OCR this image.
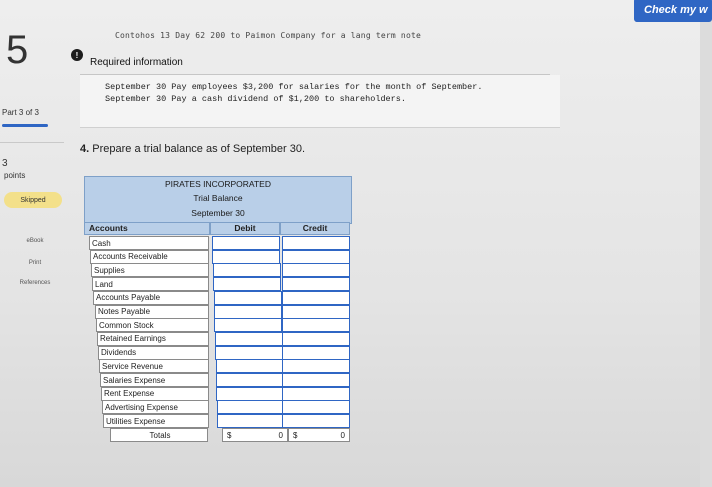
Check my w
5
Part 3 of 3
3
points
Skipped
eBook
Print
References
Contohos 13 Day 62 200 to Paimon Company for a lang term note
Required information
!
September 30 Pay employees $3,200 for salaries for the month of September.
September 30 Pay a cash dividend of $1,200 to shareholders.
4. Prepare a trial balance as of September 30.
PIRATES INCORPORATED
Trial Balance
September 30
Accounts	Debit	Credit
Cash
Accounts Receivable
Supplies
Land
Accounts Payable
Notes Payable
Common Stock
Retained Earnings
Dividends
Service Revenue
Salaries Expense
Rent Expense
Advertising Expense
Utilities Expense
Totals	$	0 $	0
